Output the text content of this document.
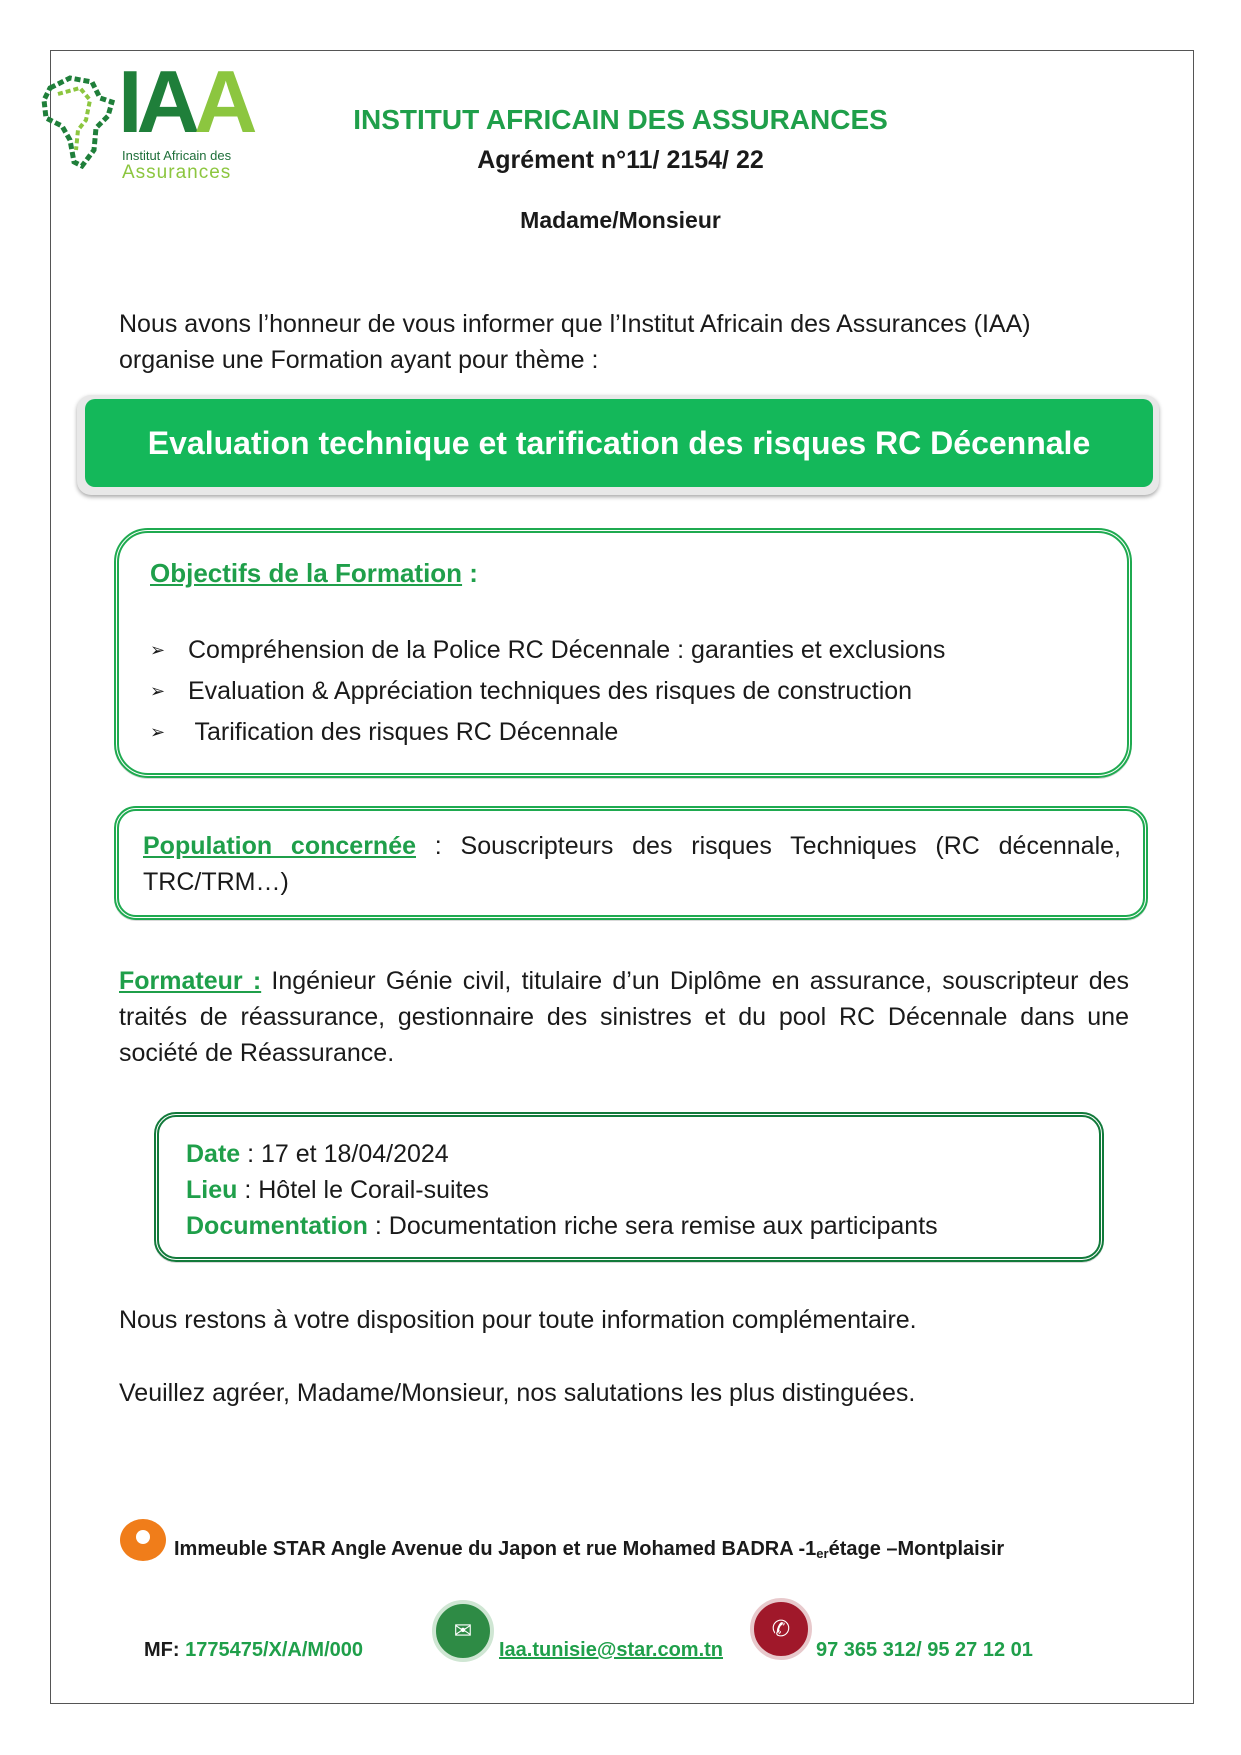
IAA
Institut Africain des
Assurances
INSTITUT AFRICAIN DES ASSURANCES
Agrément n°11/ 2154/ 22
Madame/Monsieur
Nous avons l’honneur de vous informer que l’Institut Africain des Assurances (IAA) organise une Formation ayant pour thème :
Evaluation technique et tarification des risques RC Décennale
Objectifs de la Formation :
➢ Compréhension de la Police RC Décennale : garanties et exclusions
➢ Evaluation & Appréciation techniques des risques de construction
➢ Tarification des risques RC Décennale
Population concernée : Souscripteurs des risques Techniques (RC décennale, TRC/TRM…)
Formateur : Ingénieur Génie civil, titulaire d’un Diplôme en assurance, souscripteur des traités de réassurance, gestionnaire des sinistres et du pool RC Décennale dans une société de Réassurance.
Date : 17 et 18/04/2024
Lieu : Hôtel le Corail-suites
Documentation : Documentation riche sera remise aux participants
Nous restons à votre disposition pour toute information complémentaire.
Veuillez agréer, Madame/Monsieur, nos salutations les plus distinguées.
Immeuble STAR Angle Avenue du Japon et rue Mohamed BADRA $-1_{er}$ étage –Montplaisir
MF: 1775475/X/A/M/000
✉
Iaa.tunisie@star.com.tn
✆
97 365 312/ 95 27 12 01
